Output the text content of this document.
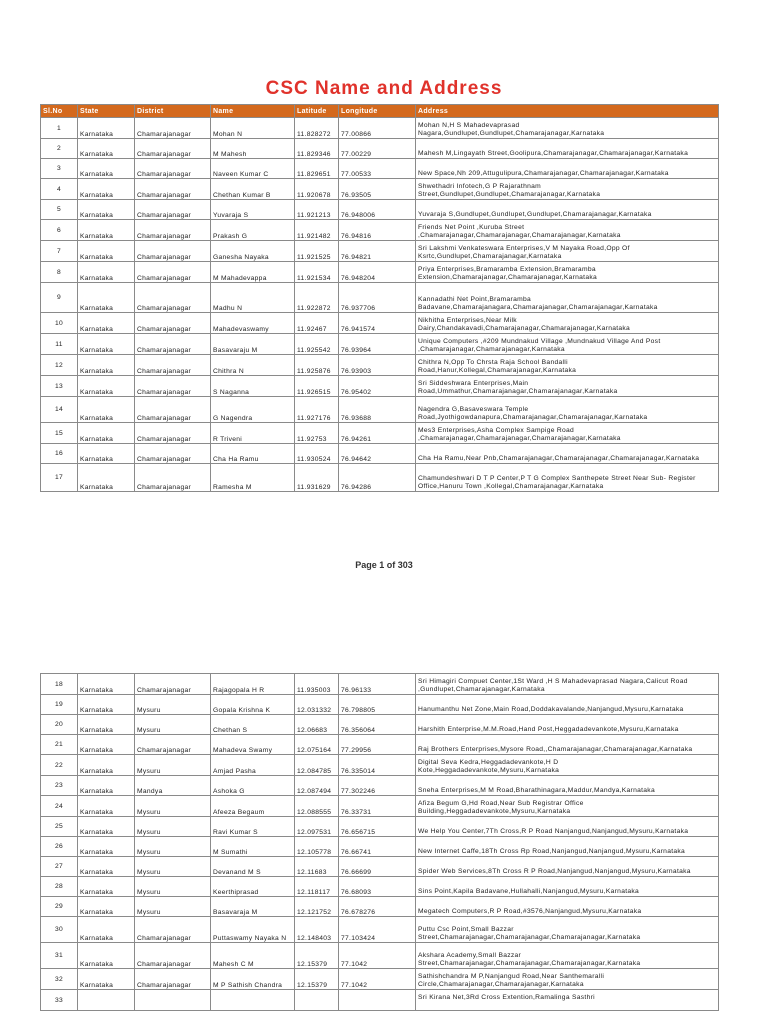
CSC Name and Address
Sl.No	State	District	Name	Latitude	Longitude	Address
1	Karnataka	Chamarajanagar	Mohan N	11.828272	77.00866	Mohan N,H S Mahadevaprasad
Nagara,Gundlupet,Gundlupet,Chamarajanagar,Karnataka

2	Karnataka	Chamarajanagar	M Mahesh	11.829346	77.00229	Mahesh M,Lingayath Street,Goolipura,Chamarajanagar,Chamarajanagar,Karnataka

3	Karnataka	Chamarajanagar	Naveen Kumar C	11.829651	77.00533	New Space,Nh 209,Attugulipura,Chamarajanagar,Chamarajanagar,Karnataka

4	Karnataka	Chamarajanagar	Chethan Kumar B	11.920678	76.93505	Shwethadri Infotech,G P Rajarathnam
Street,Gundlupet,Gundlupet,Chamarajanagar,Karnataka

5	Karnataka	Chamarajanagar	Yuvaraja S	11.921213	76.948006	Yuvaraja S,Gundlupet,Gundlupet,Gundlupet,Chamarajanagar,Karnataka

6	Karnataka	Chamarajanagar	Prakash G	11.921482	76.94816	Friends Net Point ,Kuruba Street
,Chamarajanagar,Chamarajanagar,Chamarajanagar,Karnataka

7	Karnataka	Chamarajanagar	Ganesha Nayaka	11.921525	76.94821	Sri Lakshmi Venkateswara Enterprises,V M Nayaka Road,Opp Of
Ksrtc,Gundlupet,Chamarajanagar,Karnataka

8	Karnataka	Chamarajanagar	M Mahadevappa	11.921534	76.948204	Priya Enterprises,Bramaramba Extension,Bramaramba
Extension,Chamarajanagar,Chamarajanagar,Karnataka

9	Karnataka	Chamarajanagar	Madhu N	11.922872	76.937706	Kannadathi Net Point,Bramaramba
Badavane,Chamarajanagara,Chamarajanagar,Chamarajanagar,Karnataka

10	Karnataka	Chamarajanagar	Mahadevaswamy	11.92467	76.941574	Nikhitha Enterprises,Near Milk
Dairy,Chandakavadi,Chamarajanagar,Chamarajanagar,Karnataka

11	Karnataka	Chamarajanagar	Basavaraju M	11.925542	76.93964	Unique Computers ,#209 Mundnakud Village ,Mundnakud Village And Post
,Chamarajanagar,Chamarajanagar,Karnataka

12	Karnataka	Chamarajanagar	Chithra N	11.925876	76.93903	Chithra N,Opp To Chrsta Raja School Bandalli
Road,Hanur,Kollegal,Chamarajanagar,Karnataka

13	Karnataka	Chamarajanagar	S Naganna	11.926515	76.95402	Sri Siddeshwara Enterprises,Main
Road,Ummathur,Chamarajanagar,Chamarajanagar,Karnataka

14	Karnataka	Chamarajanagar	G Nagendra	11.927176	76.93688	Nagendra G,Basaveswara Temple
Road,Jyothigowdanapura,Chamarajanagar,Chamarajanagar,Karnataka

15	Karnataka	Chamarajanagar	R Triveni	11.92753	76.94261	Mes3 Enterprises,Asha Complex Sampige Road
,Chamarajanagar,Chamarajanagar,Chamarajanagar,Karnataka

16	Karnataka	Chamarajanagar	Cha Ha Ramu	11.930524	76.94642	Cha Ha Ramu,Near Pnb,Chamarajanagar,Chamarajanagar,Chamarajanagar,Karnataka

17	Karnataka	Chamarajanagar	Ramesha M	11.931629	76.94286	Chamundeshwari D T P Center,P T G Complex Santhepete Street Near Sub- Register
Office,Hanuru Town ,Kollegal,Chamarajanagar,Karnataka
Page 1 of 303
18	Karnataka	Chamarajanagar	Rajagopala H R	11.935003	76.96133	Sri Himagiri Compuet Center,1St Ward ,H S Mahadevaprasad Nagara,Calicut Road
,Gundlupet,Chamarajanagar,Karnataka

19	Karnataka	Mysuru	Gopala Krishna K	12.031332	76.798805	Hanumanthu Net Zone,Main Road,Doddakavalande,Nanjangud,Mysuru,Karnataka

20	Karnataka	Mysuru	Chethan S	12.06683	76.356064	Harshith Enterprise,M.M.Road,Hand Post,Heggadadevankote,Mysuru,Karnataka

21	Karnataka	Chamarajanagar	Mahadeva Swamy	12.075164	77.29956	Raj Brothers Enterprises,Mysore Road,,Chamarajanagar,Chamarajanagar,Karnataka

22	Karnataka	Mysuru	Amjad Pasha	12.084785	76.335014	Digital Seva Kedra,Heggadadevankote,H D
Kote,Heggadadevankote,Mysuru,Karnataka

23	Karnataka	Mandya	Ashoka G	12.087494	77.302246	Sneha Enterprises,M M Road,Bharathinagara,Maddur,Mandya,Karnataka

24	Karnataka	Mysuru	Afeeza Begaum	12.088555	76.33731	Afiza Begum G,Hd Road,Near Sub Registrar Office
Building,Heggadadevankote,Mysuru,Karnataka

25	Karnataka	Mysuru	Ravi Kumar S	12.097531	76.656715	We Help You Center,7Th Cross,R P Road Nanjangud,Nanjangud,Mysuru,Karnataka

26	Karnataka	Mysuru	M Sumathi	12.105778	76.66741	New Internet Caffe,18Th Cross Rp Road,Nanjangud,Nanjangud,Mysuru,Karnataka

27	Karnataka	Mysuru	Devanand M S	12.11683	76.66699	Spider Web Services,8Th Cross R P Road,Nanjangud,Nanjangud,Mysuru,Karnataka

28	Karnataka	Mysuru	Keerthiprasad	12.118117	76.68093	Sins Point,Kapila Badavane,Hullahalli,Nanjangud,Mysuru,Karnataka

29	Karnataka	Mysuru	Basavaraja M	12.121752	76.678276	Megatech Computers,R P Road,#3576,Nanjangud,Mysuru,Karnataka

30	Karnataka	Chamarajanagar	Puttaswamy Nayaka N	12.148403	77.103424	Puttu Csc Point,Small Bazzar
Street,Chamarajanagar,Chamarajanagar,Chamarajanagar,Karnataka

31	Karnataka	Chamarajanagar	Mahesh C M	12.15379	77.1042	Akshara Academy,Small Bazzar
Street,Chamarajanagar,Chamarajanagar,Chamarajanagar,Karnataka

32	Karnataka	Chamarajanagar	M P Sathish Chandra	12.15379	77.1042	Sathishchandra M P,Nanjangud Road,Near Santhemaralli
Circle,Chamarajanagar,Chamarajanagar,Karnataka

33						Sri Kirana Net,3Rd Cross Extention,Ramalinga Sasthri
